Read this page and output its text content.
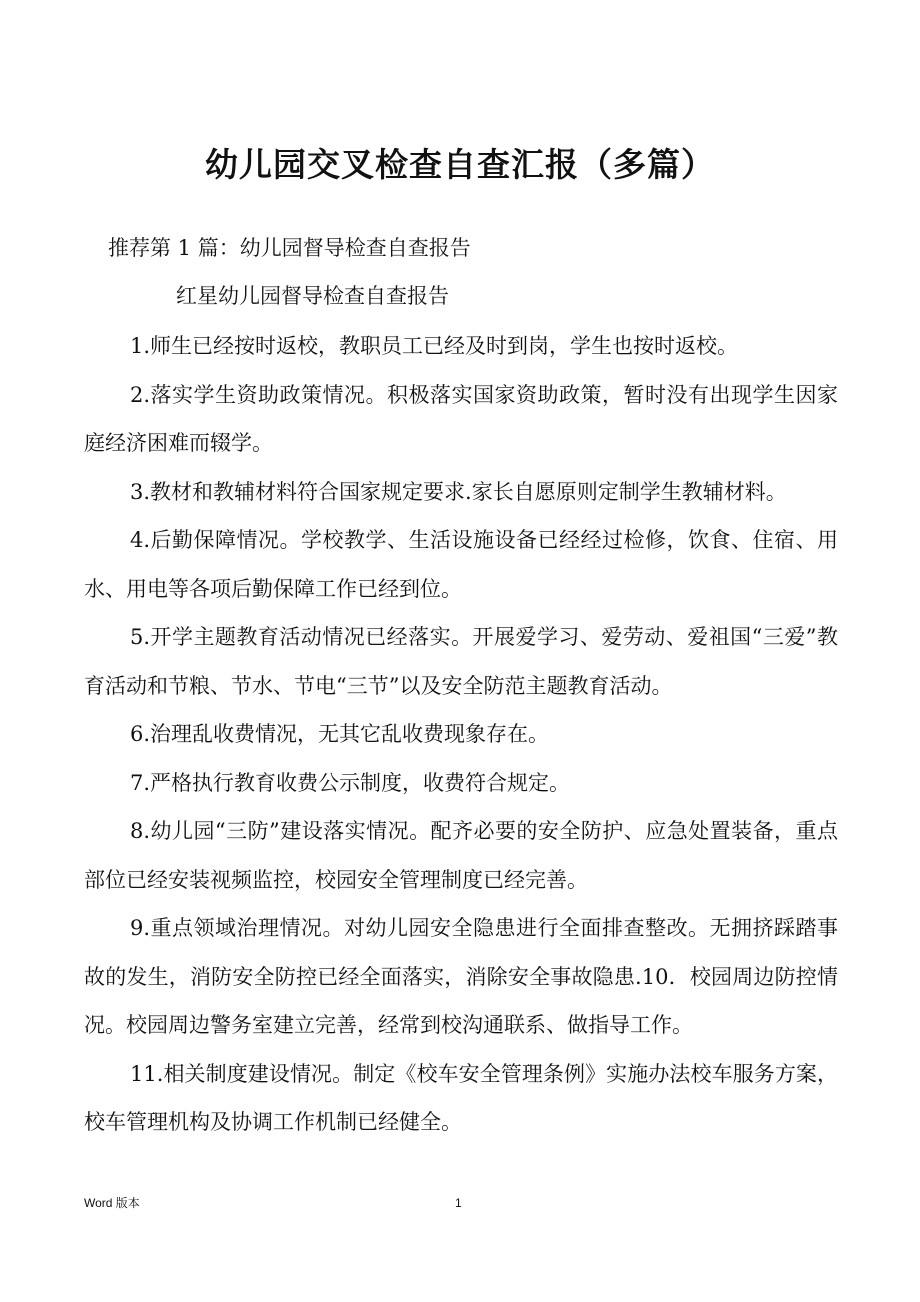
幼儿园交叉检查自查汇报（多篇）
推荐第 1 篇：幼儿园督导检查自查报告
红星幼儿园督导检查自查报告

1.师生已经按时返校，教职员工已经及时到岗，学生也按时返校。

2.落实学生资助政策情况。积极落实国家资助政策，暂时没有出现学生因家庭经济困难而辍学。

3.教材和教辅材料符合国家规定要求.家长自愿原则定制学生教辅材料。

4.后勤保障情况。学校教学、生活设施设备已经经过检修，饮食、住宿、用水、用电等各项后勤保障工作已经到位。

5.开学主题教育活动情况已经落实。开展爱学习、爱劳动、爱祖国“三爱”教育活动和节粮、节水、节电“三节”以及安全防范主题教育活动。

6.治理乱收费情况，无其它乱收费现象存在。

7.严格执行教育收费公示制度，收费符合规定。

8.幼儿园“三防”建设落实情况。配齐必要的安全防护、应急处置装备，重点部位已经安装视频监控，校园安全管理制度已经完善。

9.重点领域治理情况。对幼儿园安全隐患进行全面排查整改。无拥挤踩踏事故的发生，消防安全防控已经全面落实，消除安全事故隐患.10．校园周边防控情况。校园周边警务室建立完善，经常到校沟通联系、做指导工作。

11.相关制度建设情况。制定《校车安全管理条例》实施办法校车服务方案，校车管理机构及协调工作机制已经健全。

Word 版本	1
